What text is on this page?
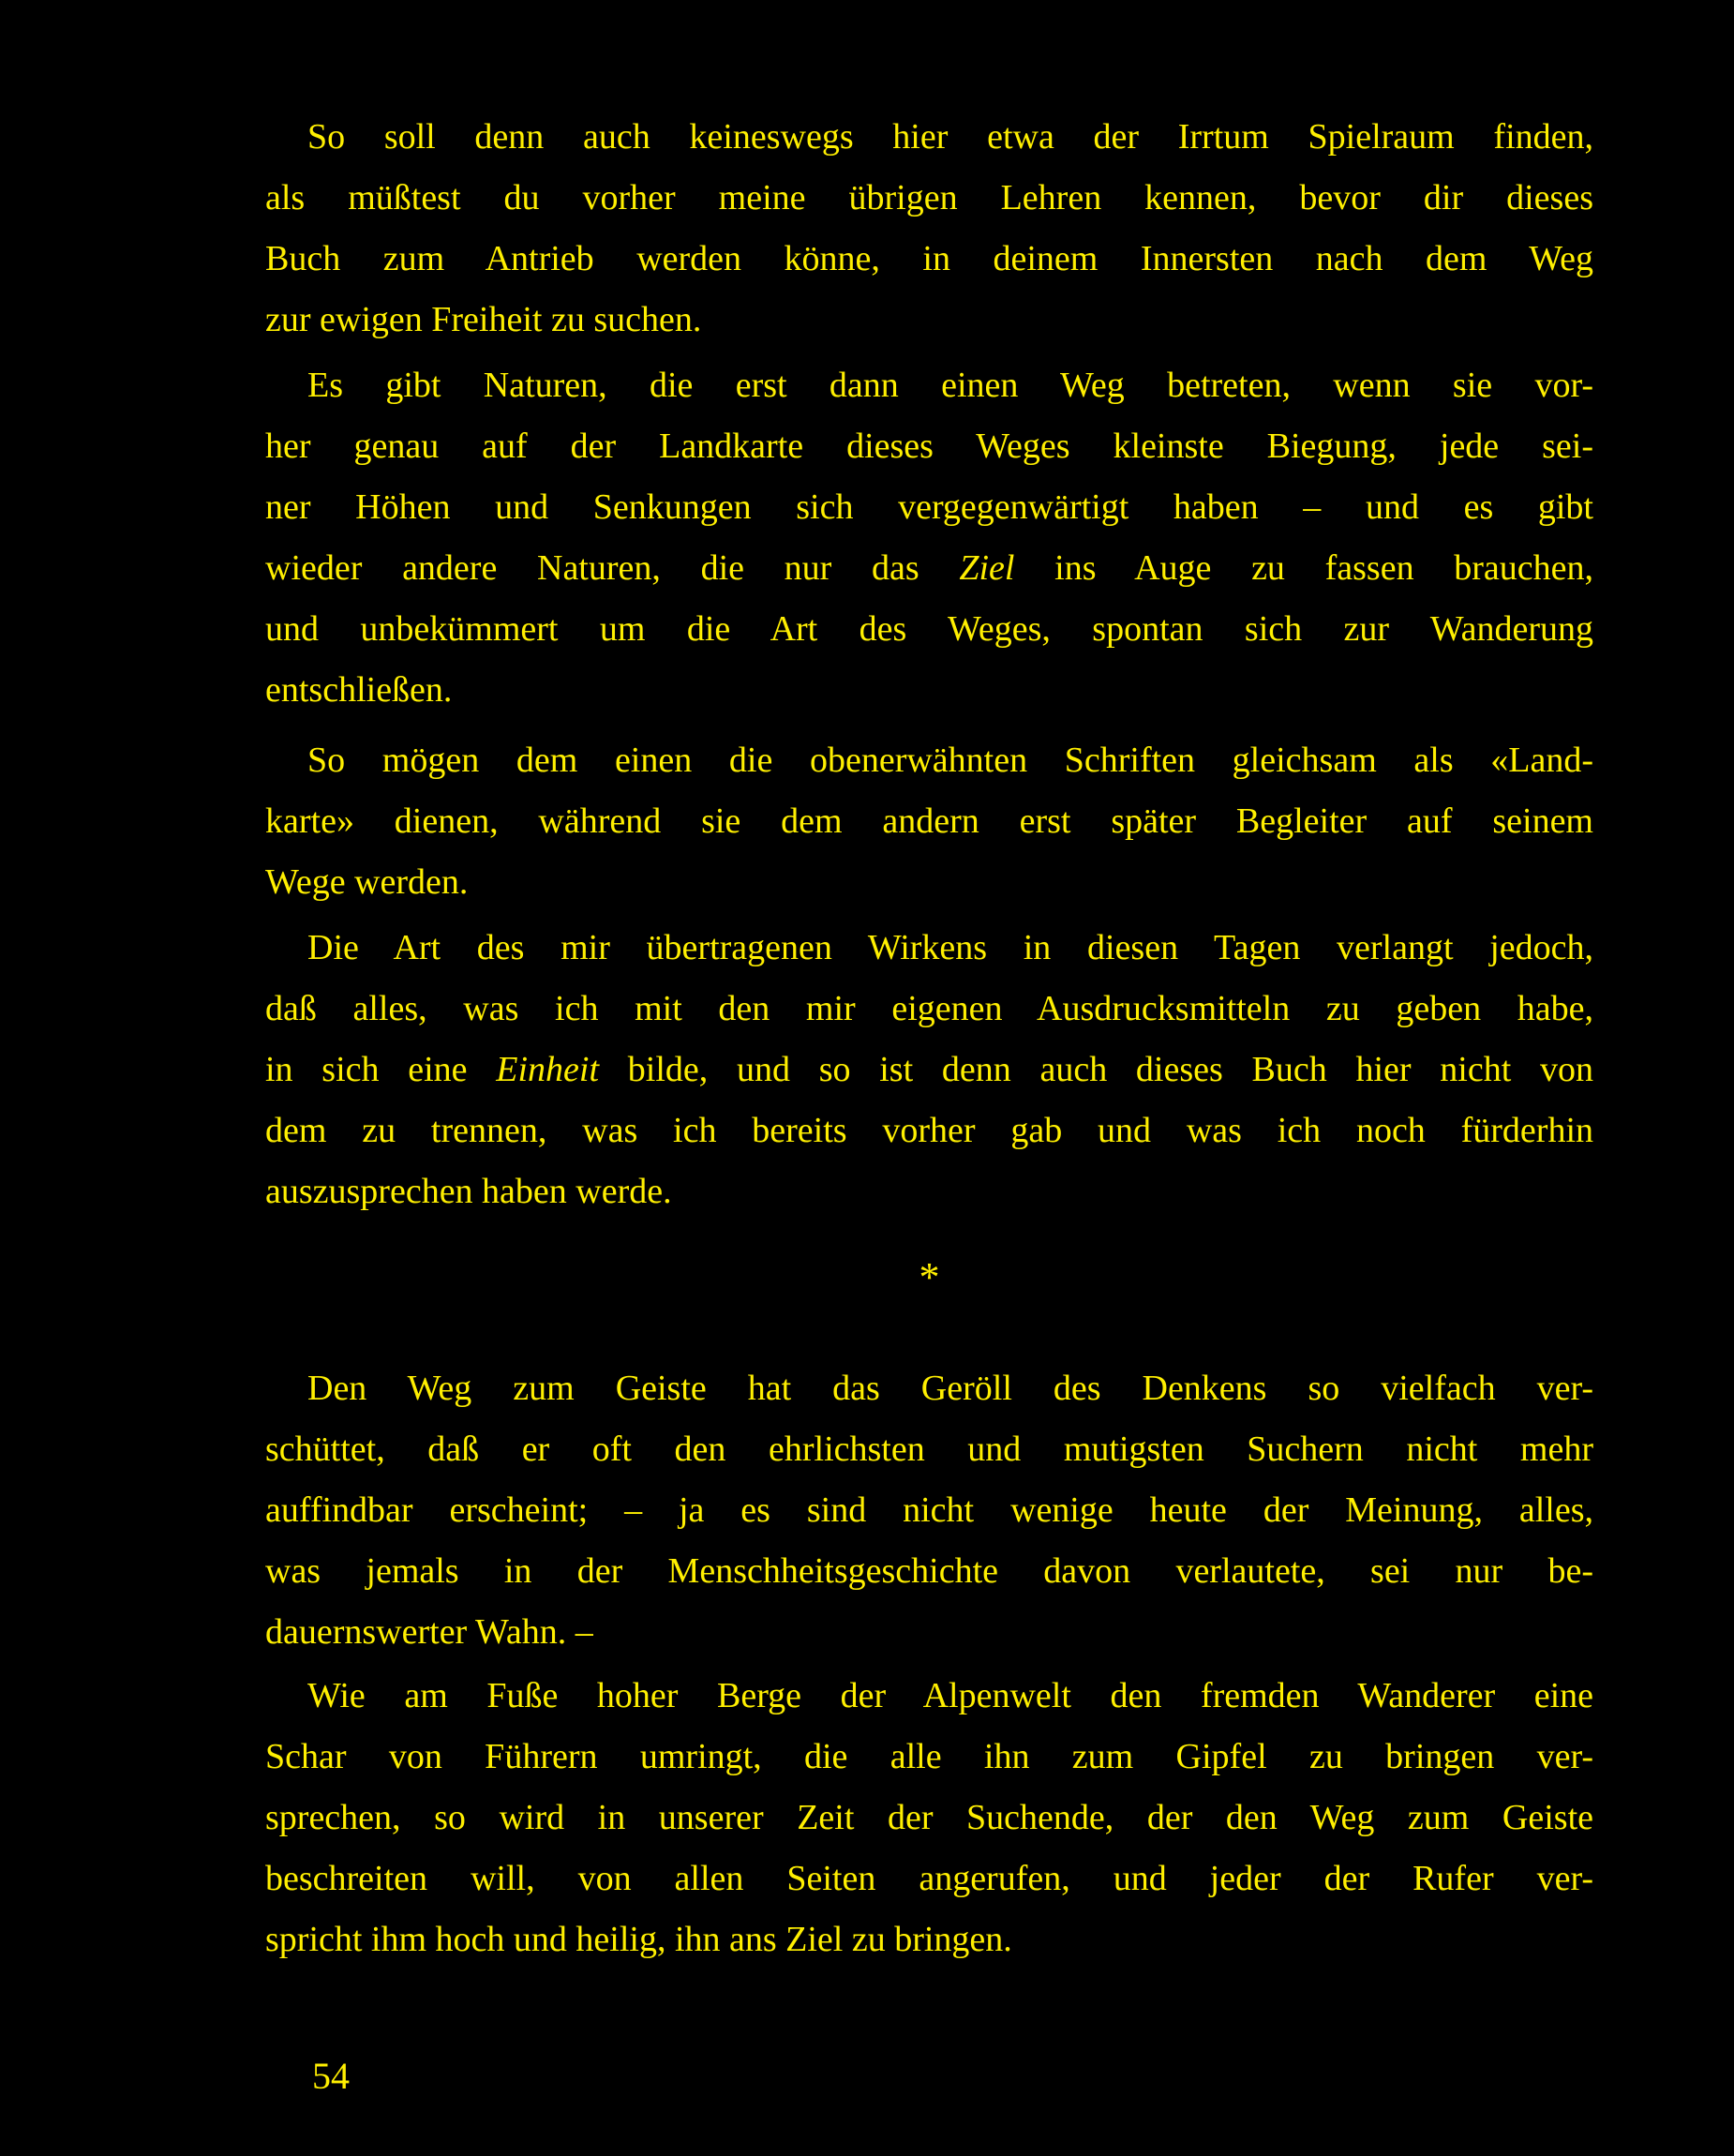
So soll denn auch keineswegs hier etwa der Irrtum Spielraum finden,
als müßtest du vorher meine übrigen Lehren kennen, bevor dir dieses
Buch zum Antrieb werden könne, in deinem Innersten nach dem Weg
zur ewigen Freiheit zu suchen.
Es gibt Naturen, die erst dann einen Weg betreten, wenn sie vor-
her genau auf der Landkarte dieses Weges kleinste Biegung, jede sei-
ner Höhen und Senkungen sich vergegenwärtigt haben – und es gibt
wieder andere Naturen, die nur das Ziel ins Auge zu fassen brauchen,
und unbekümmert um die Art des Weges, spontan sich zur Wanderung
entschließen.
So mögen dem einen die obenerwähnten Schriften gleichsam als «Land-
karte» dienen, während sie dem andern erst später Begleiter auf seinem
Wege werden.
Die Art des mir übertragenen Wirkens in diesen Tagen verlangt jedoch,
daß alles, was ich mit den mir eigenen Ausdrucksmitteln zu geben habe,
in sich eine Einheit bilde, und so ist denn auch dieses Buch hier nicht von
dem zu trennen, was ich bereits vorher gab und was ich noch fürderhin
auszusprechen haben werde.
*
Den Weg zum Geiste hat das Geröll des Denkens so vielfach ver-
schüttet, daß er oft den ehrlichsten und mutigsten Suchern nicht mehr
auffindbar erscheint; – ja es sind nicht wenige heute der Meinung, alles,
was jemals in der Menschheitsgeschichte davon verlautete, sei nur be-
dauernswerter Wahn. –
Wie am Fuße hoher Berge der Alpenwelt den fremden Wanderer eine
Schar von Führern umringt, die alle ihn zum Gipfel zu bringen ver-
sprechen, so wird in unserer Zeit der Suchende, der den Weg zum Geiste
beschreiten will, von allen Seiten angerufen, und jeder der Rufer ver-
spricht ihm hoch und heilig, ihn ans Ziel zu bringen.
54
